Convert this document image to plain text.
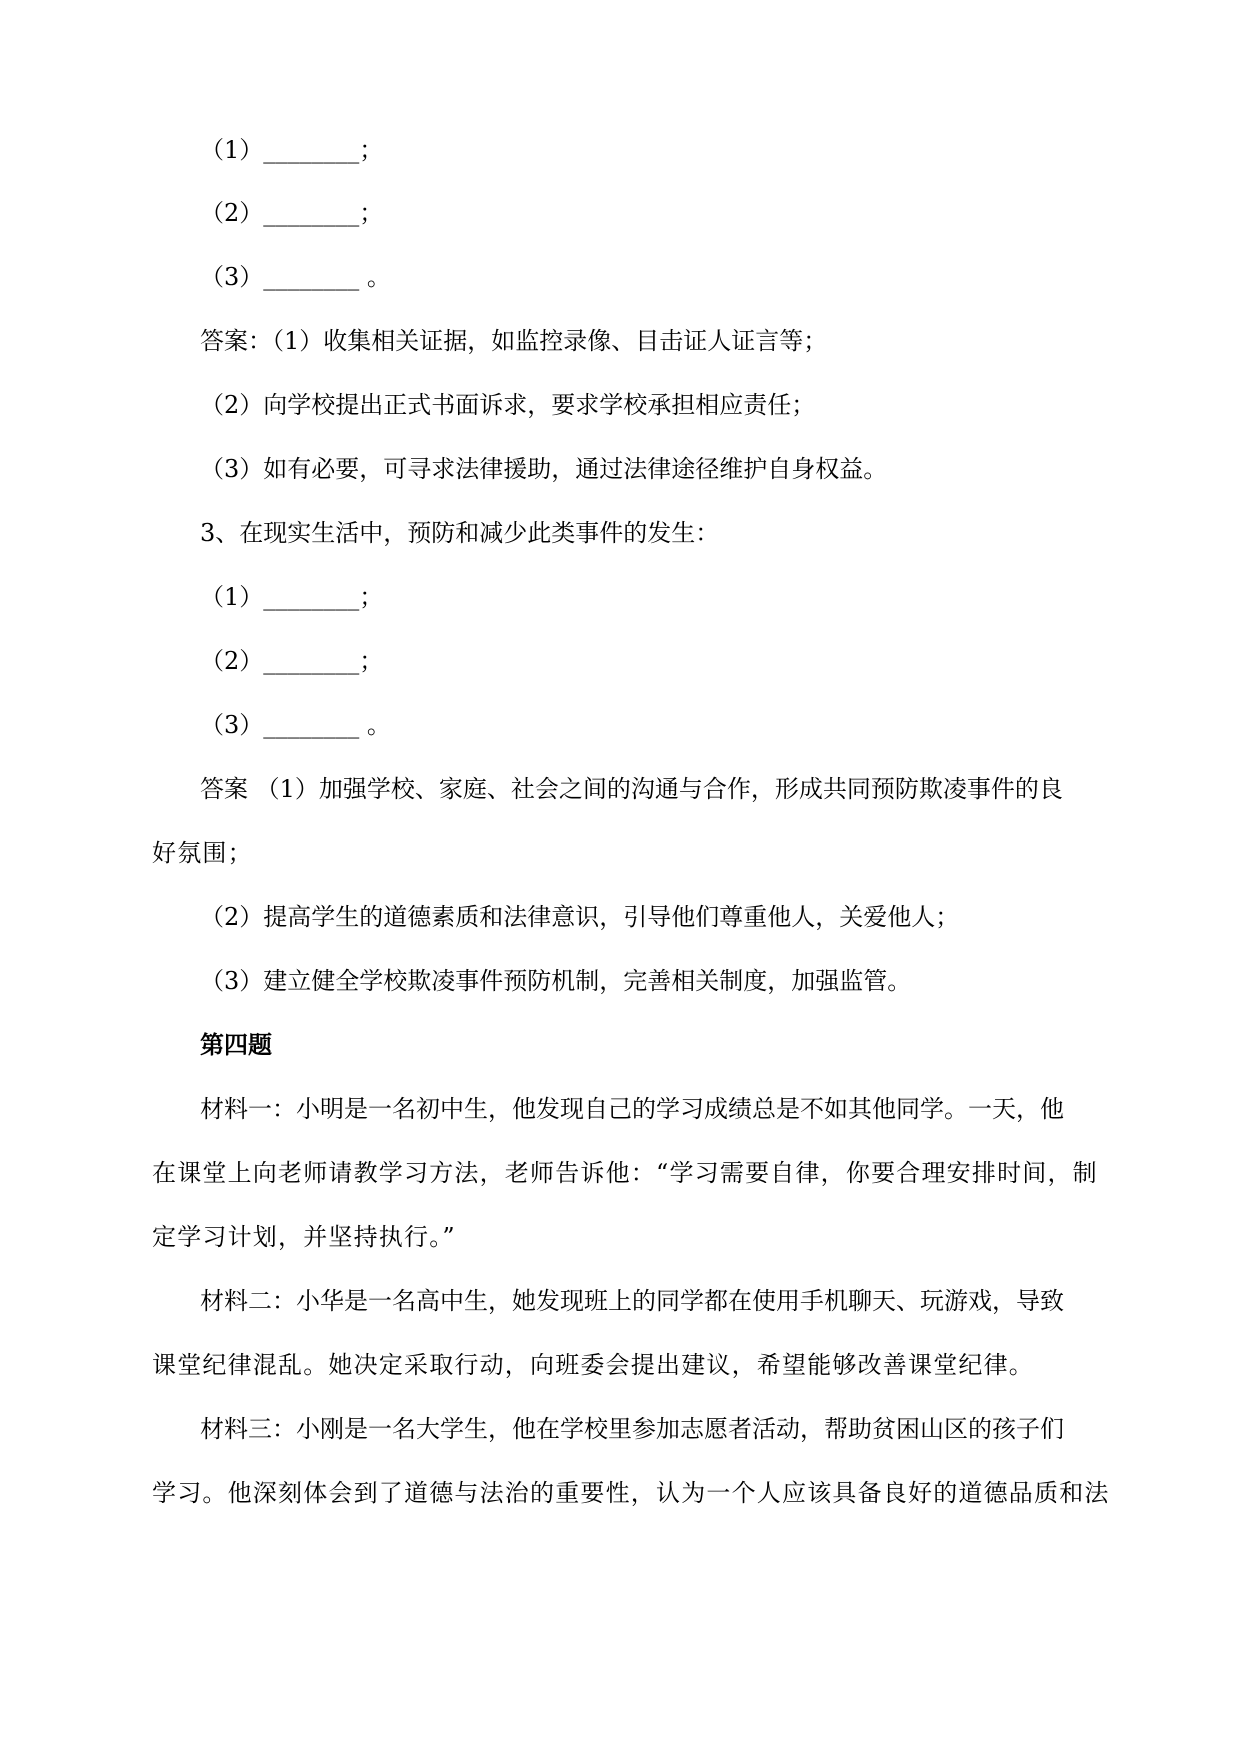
（1）________；
（2）________；
（3）________ 。
答案：（1）收集相关证据，如监控录像、目击证人证言等；
（2）向学校提出正式书面诉求，要求学校承担相应责任；
（3）如有必要，可寻求法律援助，通过法律途径维护自身权益。
3、在现实生活中，预防和减少此类事件的发生：
（1）________；
（2）________；
（3）________ 。
答案 （1）加强学校、家庭、社会之间的沟通与合作，形成共同预防欺凌事件的良
好氛围；
（2）提高学生的道德素质和法律意识，引导他们尊重他人，关爱他人；
（3）建立健全学校欺凌事件预防机制，完善相关制度，加强监管。
第四题
材料一：小明是一名初中生，他发现自己的学习成绩总是不如其他同学。一天，他
在课堂上向老师请教学习方法，老师告诉他：“学习需要自律，你要合理安排时间，制
定学习计划，并坚持执行。”
材料二：小华是一名高中生，她发现班上的同学都在使用手机聊天、玩游戏，导致
课堂纪律混乱。她决定采取行动，向班委会提出建议，希望能够改善课堂纪律。
材料三：小刚是一名大学生，他在学校里参加志愿者活动，帮助贫困山区的孩子们
学习。他深刻体会到了道德与法治的重要性，认为一个人应该具备良好的道德品质和法
